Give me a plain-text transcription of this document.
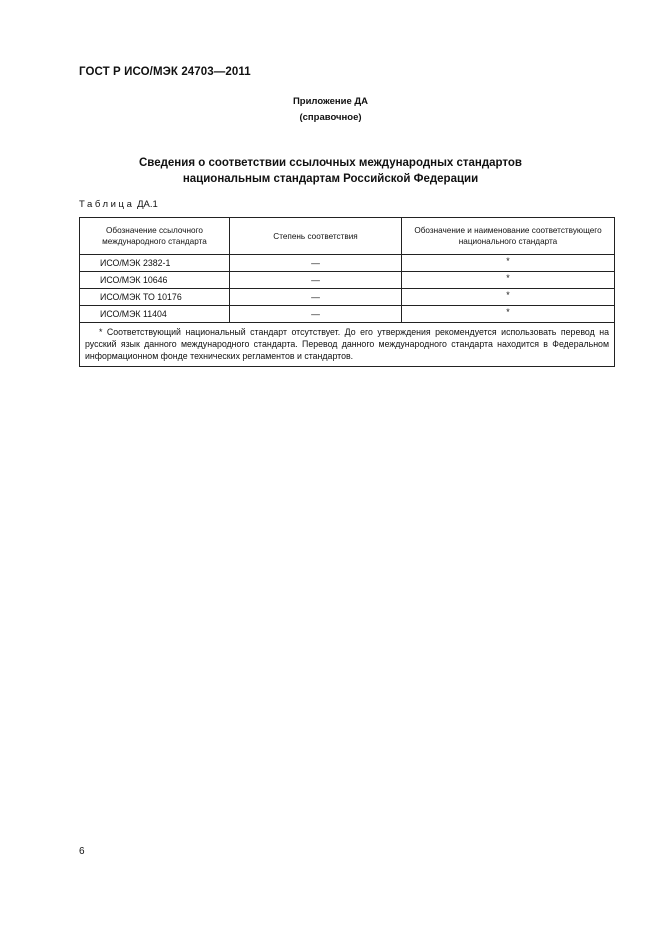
ГОСТ Р ИСО/МЭК 24703—2011
Приложение ДА
(справочное)
Сведения о соответствии ссылочных международных стандартов
национальным стандартам Российской Федерации
Таблица ДА.1
Обозначение ссылочного международного стандарта	Степень соответствия	Обозначение и наименование соответствующего национального стандарта
ИСО/МЭК 2382-1	—	*
ИСО/МЭК 10646	—	*
ИСО/МЭК ТО 10176	—	*
ИСО/МЭК 11404	—	*
* Соответствующий национальный стандарт отсутствует. До его утверждения рекомендуется использовать перевод на русский язык данного международного стандарта. Перевод данного международного стандарта находится в Федеральном информационном фонде технических регламентов и стандартов.		
6
